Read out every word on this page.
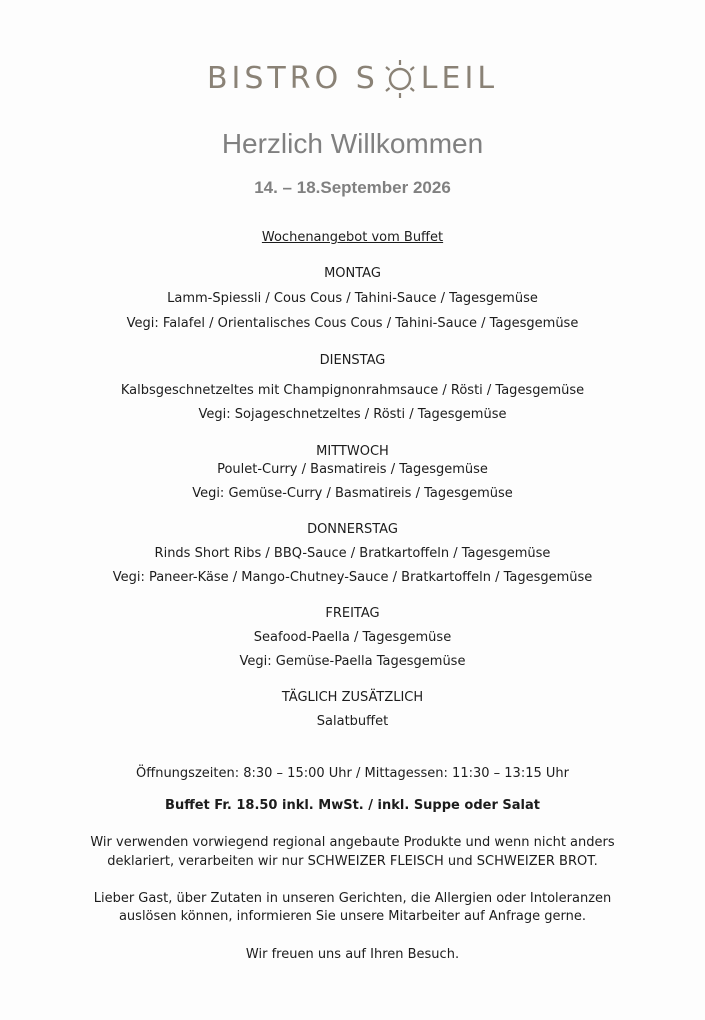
BISTRO S LEIL
Herzlich Willkommen
14. – 18.September 2026
Wochenangebot vom Buffet
MONTAG
Lamm-Spiessli / Cous Cous / Tahini-Sauce / Tagesgemüse
Vegi: Falafel / Orientalisches Cous Cous / Tahini-Sauce / Tagesgemüse
DIENSTAG
Kalbsgeschnetzeltes mit Champignonrahmsauce / Rösti / Tagesgemüse
Vegi: Sojageschnetzeltes / Rösti / Tagesgemüse
MITTWOCH
Poulet-Curry / Basmatireis / Tagesgemüse
Vegi: Gemüse-Curry / Basmatireis / Tagesgemüse
DONNERSTAG
Rinds Short Ribs / BBQ-Sauce / Bratkartoffeln / Tagesgemüse
Vegi: Paneer-Käse / Mango-Chutney-Sauce / Bratkartoffeln / Tagesgemüse
FREITAG
Seafood-Paella / Tagesgemüse
Vegi: Gemüse-Paella Tagesgemüse
TÄGLICH ZUSÄTZLICH
Salatbuffet
Öffnungszeiten: 8:30 – 15:00 Uhr / Mittagessen: 11:30 – 13:15 Uhr
Buffet Fr. 18.50 inkl. MwSt. / inkl. Suppe oder Salat
Wir verwenden vorwiegend regional angebaute Produkte und wenn nicht anders
deklariert, verarbeiten wir nur SCHWEIZER FLEISCH und SCHWEIZER BROT.
Lieber Gast, über Zutaten in unseren Gerichten, die Allergien oder Intoleranzen
auslösen können, informieren Sie unsere Mitarbeiter auf Anfrage gerne.
Wir freuen uns auf Ihren Besuch.
